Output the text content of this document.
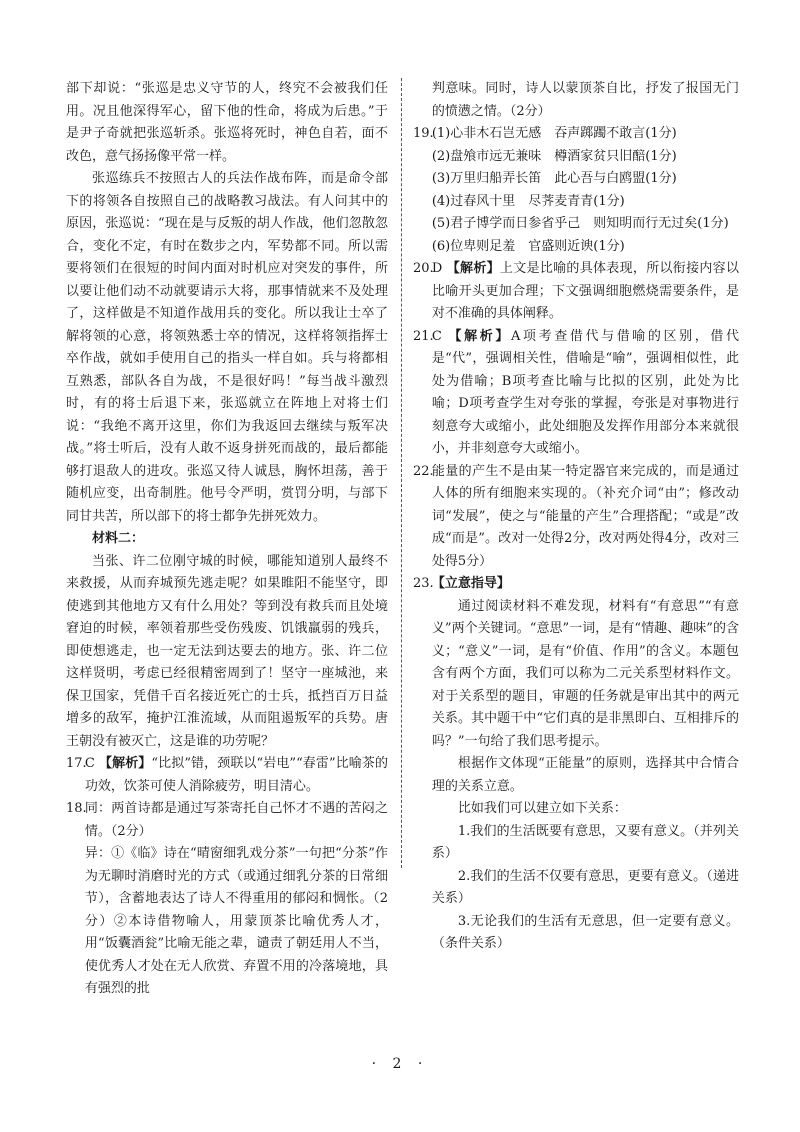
部下却说：“张巡是忠义守节的人，终究不会被我们任用。况且他深得军心，留下他的性命，将成为后患。”于是尹子奇就把张巡斩杀。张巡将死时，神色自若，面不改色，意气扬扬像平常一样。

张巡练兵不按照古人的兵法作战布阵，而是命令部下的将领各自按照自己的战略教习战法。有人问其中的原因，张巡说：“现在是与反叛的胡人作战，他们忽散忽合，变化不定，有时在数步之内，军势都不同。所以需要将领们在很短的时间内面对时机应对突发的事件，所以要让他们动不动就要请示大将，那事情就来不及处理了，这样做是不知道作战用兵的变化。所以我让士卒了解将领的心意，将领熟悉士卒的情况，这样将领指挥士卒作战，就如手使用自己的指头一样自如。兵与将都相互熟悉，部队各自为战，不是很好吗！”每当战斗激烈时，有的将士后退下来，张巡就立在阵地上对将士们说：“我绝不离开这里，你们为我返回去继续与叛军决战。”将士听后，没有人敢不返身拼死而战的，最后都能够打退敌人的进攻。张巡又待人诚恳，胸怀坦荡，善于随机应变，出奇制胜。他号令严明，赏罚分明，与部下同甘共苦，所以部下的将士都争先拼死效力。

材料二：

当张、许二位刚守城的时候，哪能知道别人最终不来救援，从而弃城预先逃走呢？如果睢阳不能坚守，即使逃到其他地方又有什么用处？等到没有救兵而且处境窘迫的时候，率领着那些受伤残废、饥饿羸弱的残兵，即使想逃走，也一定无法到达要去的地方。张、许二位这样贤明，考虑已经很精密周到了！坚守一座城池，来保卫国家，凭借千百名接近死亡的士兵，抵挡百万日益增多的敌军，掩护江淮流域，从而阻遏叛军的兵势。唐王朝没有被灭亡，这是谁的功劳呢？

17.

C 【解析】“比拟”错，颈联以“岩电”“春雷”比喻茶的功效，饮茶可使人消除疲劳，明目清心。

18.

同：两首诗都是通过写茶寄托自己怀才不遇的苦闷之情。（2分）

异：①《临》诗在“晴窗细乳戏分茶”一句把“分茶”作为无聊时消磨时光的方式（或通过细乳分茶的日常细节），含蓄地表达了诗人不得重用的郁闷和惆怅。（2分）②本诗借物喻人，用蒙顶茶比喻优秀人才，用“饭囊酒瓮”比喻无能之辈，谴责了朝廷用人不当，使优秀人才处在无人欣赏、弃置不用的冷落境地，具有强烈的批

判意味。同时，诗人以蒙顶茶自比，抒发了报国无门的愤懑之情。（2分）

19.

(1)心非木石岂无感　吞声踯躅不敢言(1分)

(2)盘飧市远无兼味　樽酒家贫只旧醅(1分)

(3)万里归船弄长笛　此心吾与白鸥盟(1分)

(4)过春风十里　尽荠麦青青(1分)

(5)君子博学而日参省乎己　则知明而行无过矣(1分)

(6)位卑则足羞　官盛则近谀(1分)

20.

D 【解析】上文是比喻的具体表现，所以衔接内容以比喻开头更加合理；下文强调细胞燃烧需要条件，是对不准确的具体阐释。

21.

C 【解析】A项考查借代与借喻的区别，借代是“代”，强调相关性，借喻是“喻”，强调相似性，此处为借喻；B项考查比喻与比拟的区别，此处为比喻；D项考查学生对夸张的掌握，夸张是对事物进行刻意夸大或缩小，此处细胞及发挥作用部分本来就很小，并非刻意夸大或缩小。

22.

能量的产生不是由某一特定器官来完成的，而是通过人体的所有细胞来实现的。（补充介词“由”；修改动词“发展”，使之与“能量的产生”合理搭配；“或是”改成“而是”。改对一处得2分，改对两处得4分，改对三处得5分）

23.

【立意指导】

通过阅读材料不难发现，材料有“有意思”“有意义”两个关键词。“意思”一词，是有“情趣、趣味”的含义；“意义”一词，是有“价值、作用”的含义。本题包含有两个方面，我们可以称为二元关系型材料作文。对于关系型的题目，审题的任务就是审出其中的两元关系。其中题干中“它们真的是非黑即白、互相排斥的吗？”一句给了我们思考提示。

根据作文体现“正能量”的原则，选择其中合情合理的关系立意。

比如我们可以建立如下关系：

1.我们的生活既要有意思，又要有意义。（并列关系）

2.我们的生活不仅要有意思，更要有意义。（递进关系）

3.无论我们的生活有无意思，但一定要有意义。（条件关系）

· 2 ·
